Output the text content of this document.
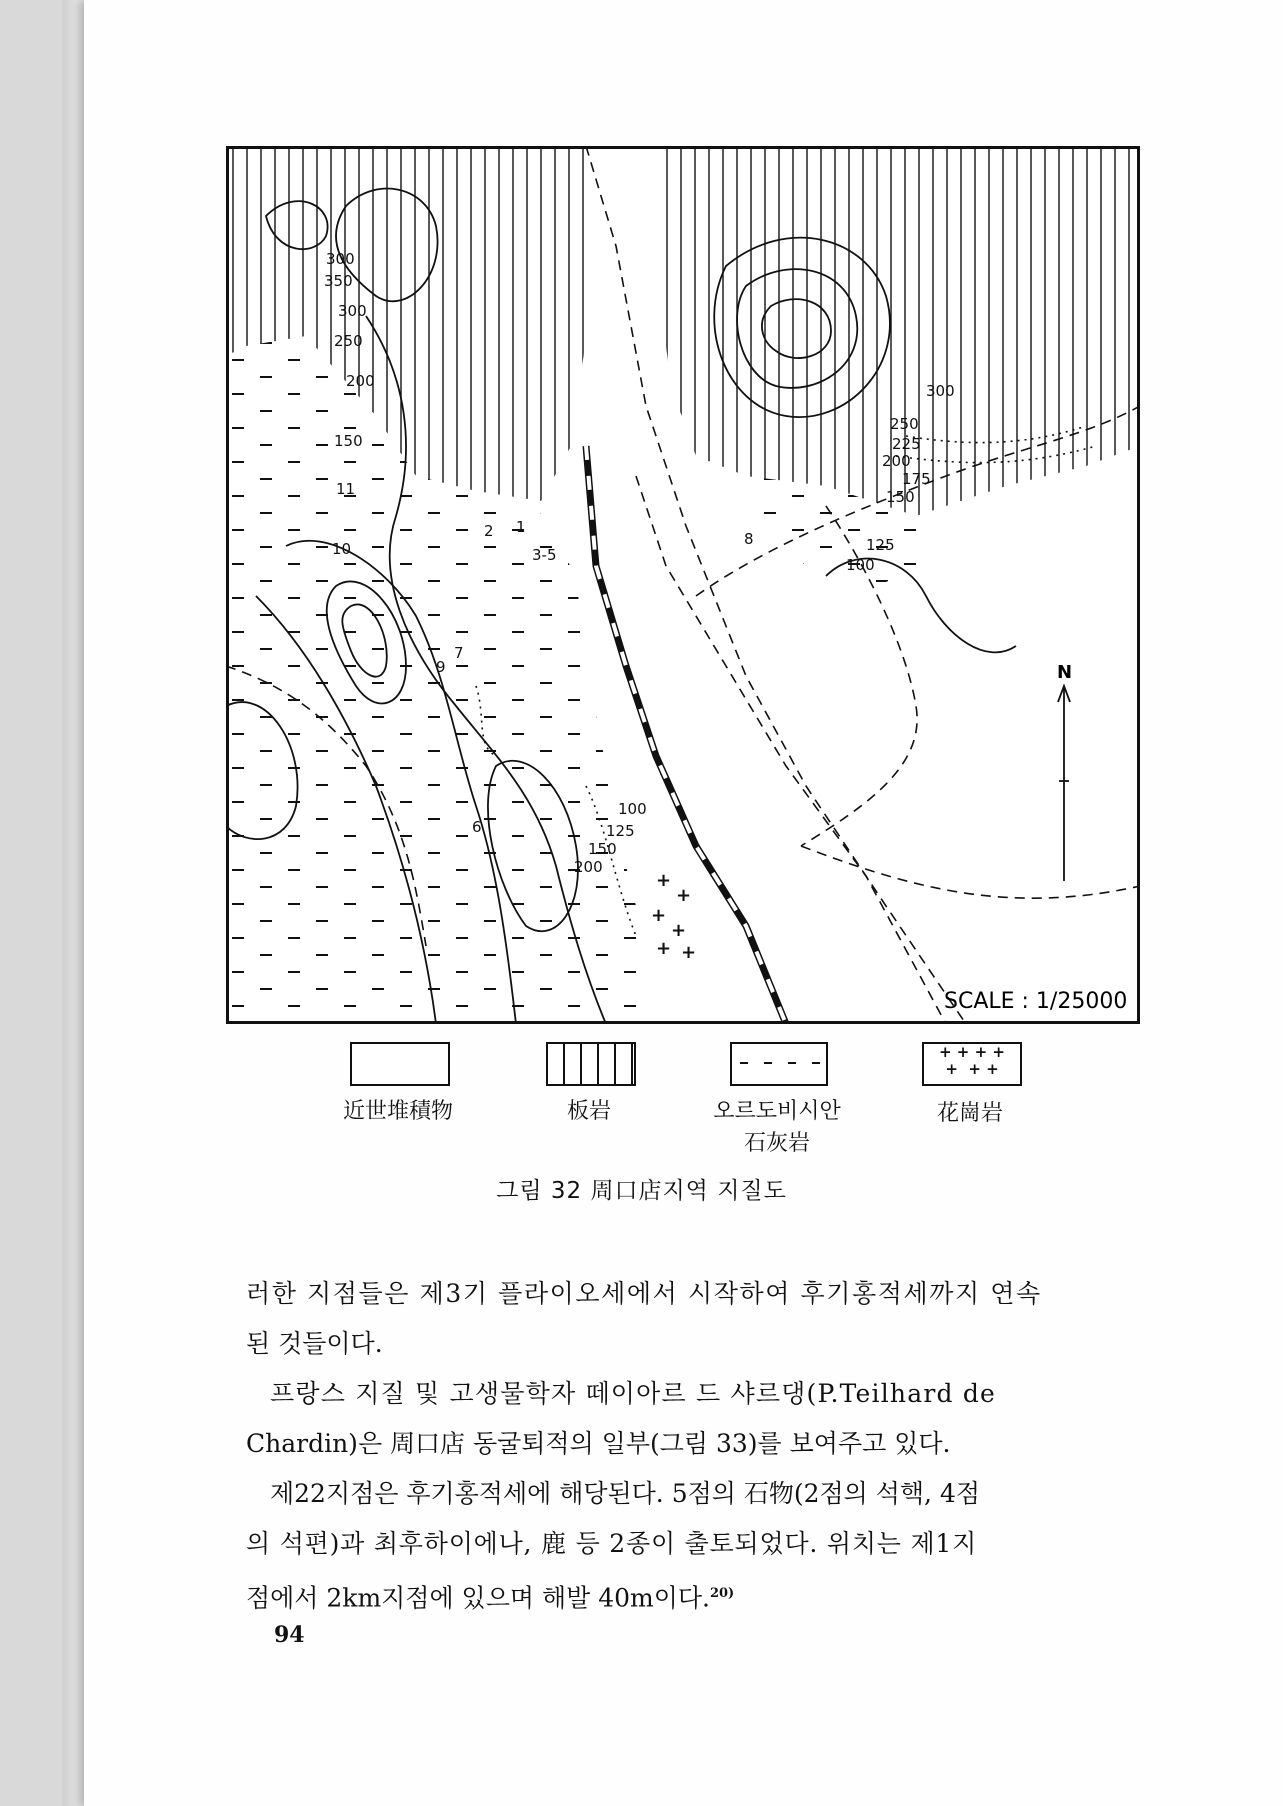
+
+
+
+
+ +
300
350
300
250
200
150
11
10
2 1
3-5
9
7
6
8
300
250
225
200
175
150
125
100
100
125
150
200
N
SCALE : 1/25000
+ + + +
+  + +
近世堆積物	板岩	오르도비시안
石灰岩
花崗岩
그림 32 周口店지역 지질도
러한 지점들은 제3기 플라이오세에서 시작하여 후기홍적세까지 연속
된 것들이다.
프랑스 지질 및 고생물학자 떼이아르 드 샤르댕(P.Teilhard de
Chardin)은 周口店 동굴퇴적의 일부(그림 33)를 보여주고 있다.
제22지점은 후기홍적세에 해당된다. 5점의 石物(2점의 석핵, 4점
의 석편)과 최후하이에나, 鹿 등 2종이 출토되었다. 위치는 제1지
점에서 2km지점에 있으며 해발 40m이다.$^{20)}$
94
